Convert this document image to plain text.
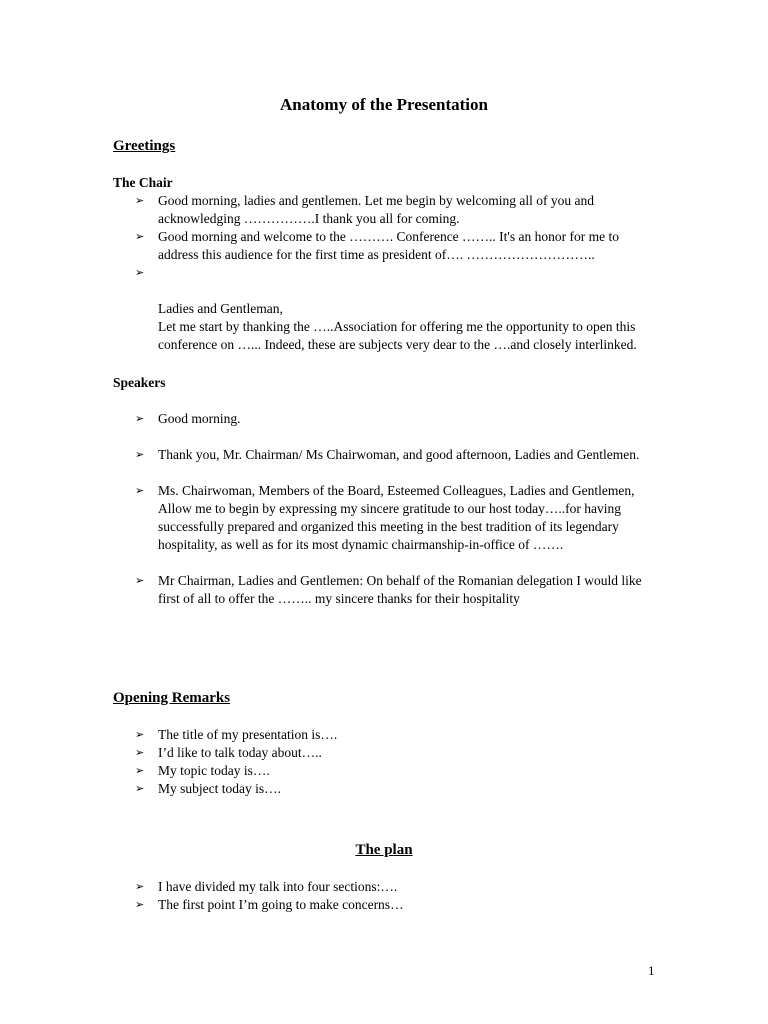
Anatomy of the Presentation
Greetings
The Chair
➢ Good morning, ladies and gentlemen. Let me begin by welcoming all of you and acknowledging …………….I thank you all for coming.
➢ Good morning and welcome to the ………. Conference …….. It's an honor for me to address this audience for the first time as president of…. ………………………..

➢

Ladies and Gentleman,
Let me start by thanking the …..Association for offering me the opportunity to open this conference on …... Indeed, these are subjects very dear to the ….and closely interlinked.

Speakers
➢ Good morning.
➢ Thank you, Mr. Chairman/ Ms Chairwoman, and good afternoon, Ladies and Gentlemen.
➢ Ms. Chairwoman, Members of the Board, Esteemed Colleagues, Ladies and Gentlemen, Allow me to begin by expressing my sincere gratitude to our host today…..for having successfully prepared and organized this meeting in the best tradition of its legendary hospitality, as well as for its most dynamic chairmanship-in-office of …….
➢ Mr Chairman, Ladies and Gentlemen: On behalf of the Romanian delegation I would like first of all to offer the …….. my sincere thanks for their hospitality
Opening Remarks
➢ The title of my presentation is….
➢ I’d like to talk today about…..
➢ My topic today is….
➢ My subject today is….
The plan
➢ I have divided my talk into four sections:….
➢ The first point I’m going to make concerns…
1
